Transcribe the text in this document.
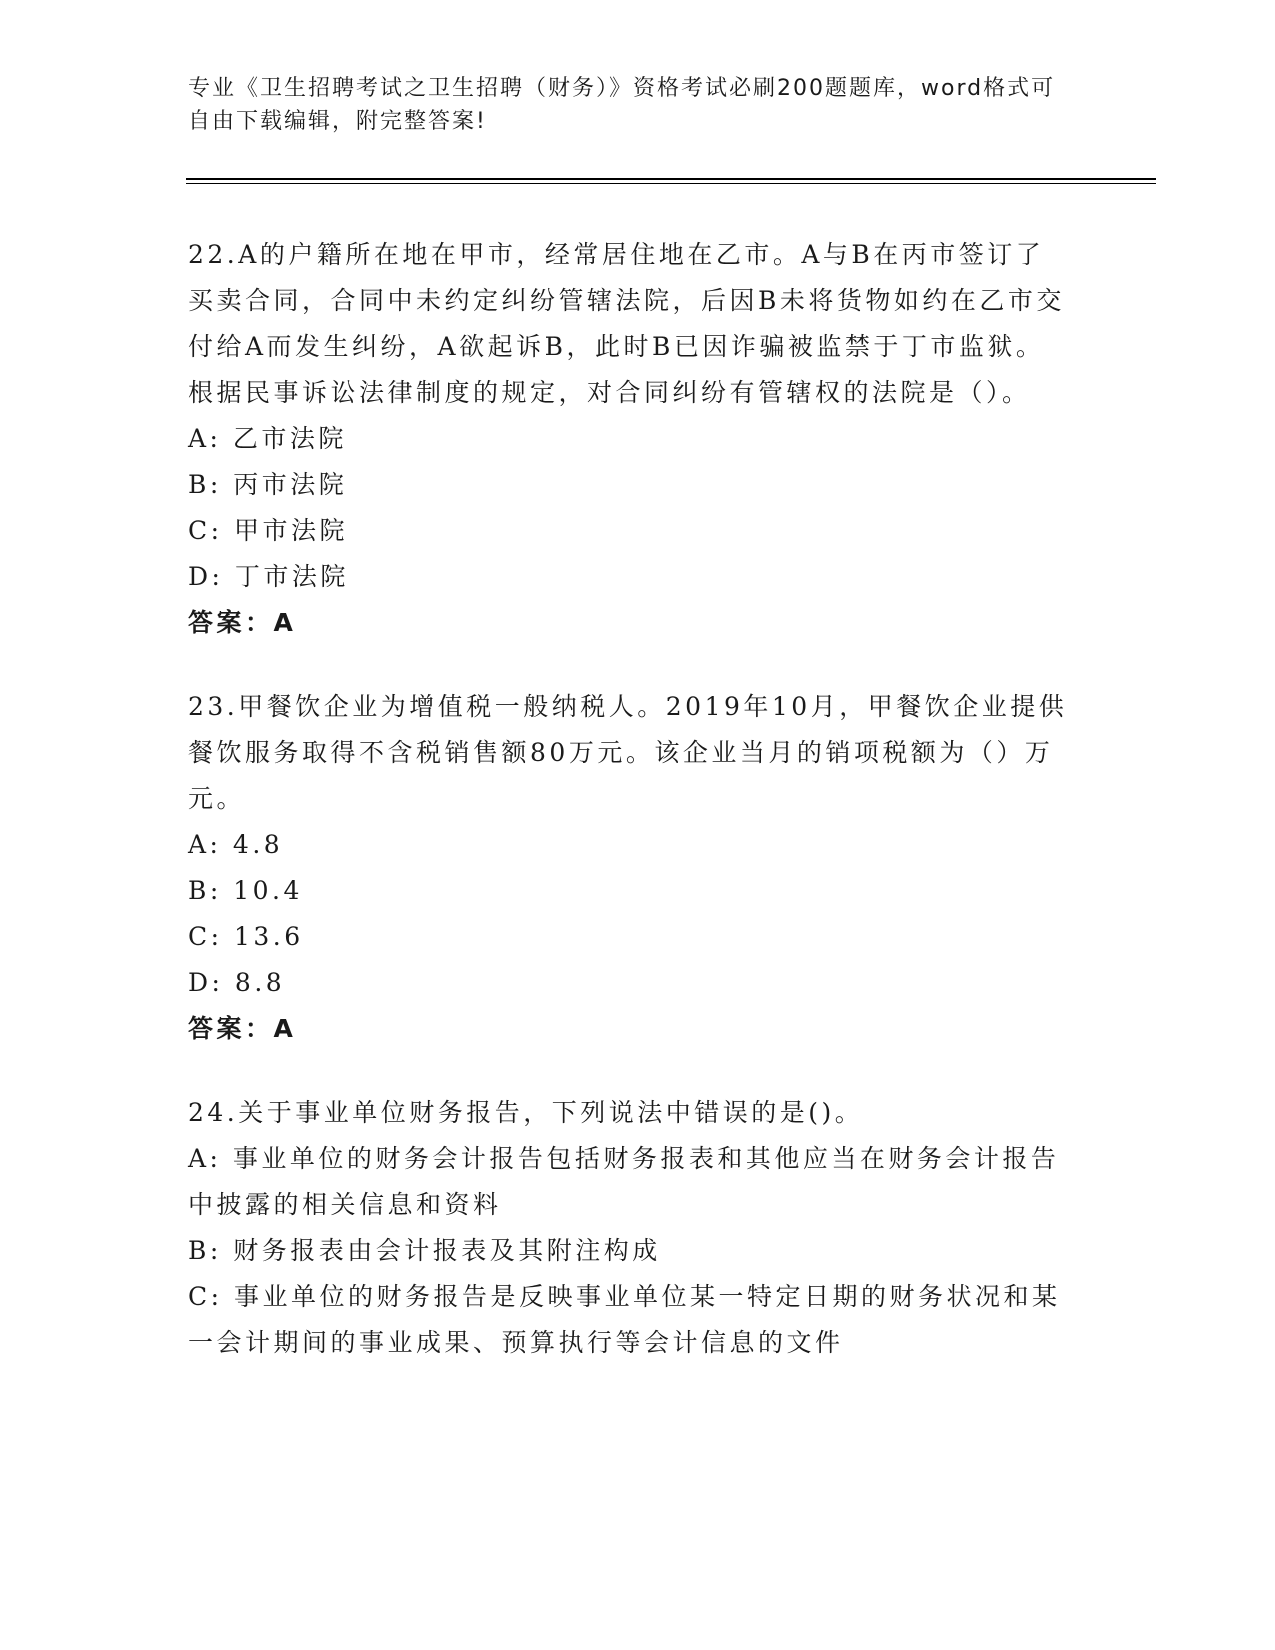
专业《卫生招聘考试之卫生招聘（财务）》资格考试必刷200题题库，word格式可自由下载编辑，附完整答案!

22.A的户籍所在地在甲市，经常居住地在乙市。A与B在丙市签订了买卖合同，合同中未约定纠纷管辖法院，后因B未将货物如约在乙市交付给A而发生纠纷，A欲起诉B，此时B已因诈骗被监禁于丁市监狱。根据民事诉讼法律制度的规定，对合同纠纷有管辖权的法院是（）。

A: 乙市法院

B: 丙市法院

C: 甲市法院

D: 丁市法院

答案：A

23.甲餐饮企业为增值税一般纳税人。2019年10月，甲餐饮企业提供餐饮服务取得不含税销售额80万元。该企业当月的销项税额为（）万元。

A: 4.8

B: 10.4

C: 13.6

D: 8.8

答案：A

24.关于事业单位财务报告，下列说法中错误的是()。

A: 事业单位的财务会计报告包括财务报表和其他应当在财务会计报告中披露的相关信息和资料

B: 财务报表由会计报表及其附注构成

C: 事业单位的财务报告是反映事业单位某一特定日期的财务状况和某一会计期间的事业成果、预算执行等会计信息的文件
